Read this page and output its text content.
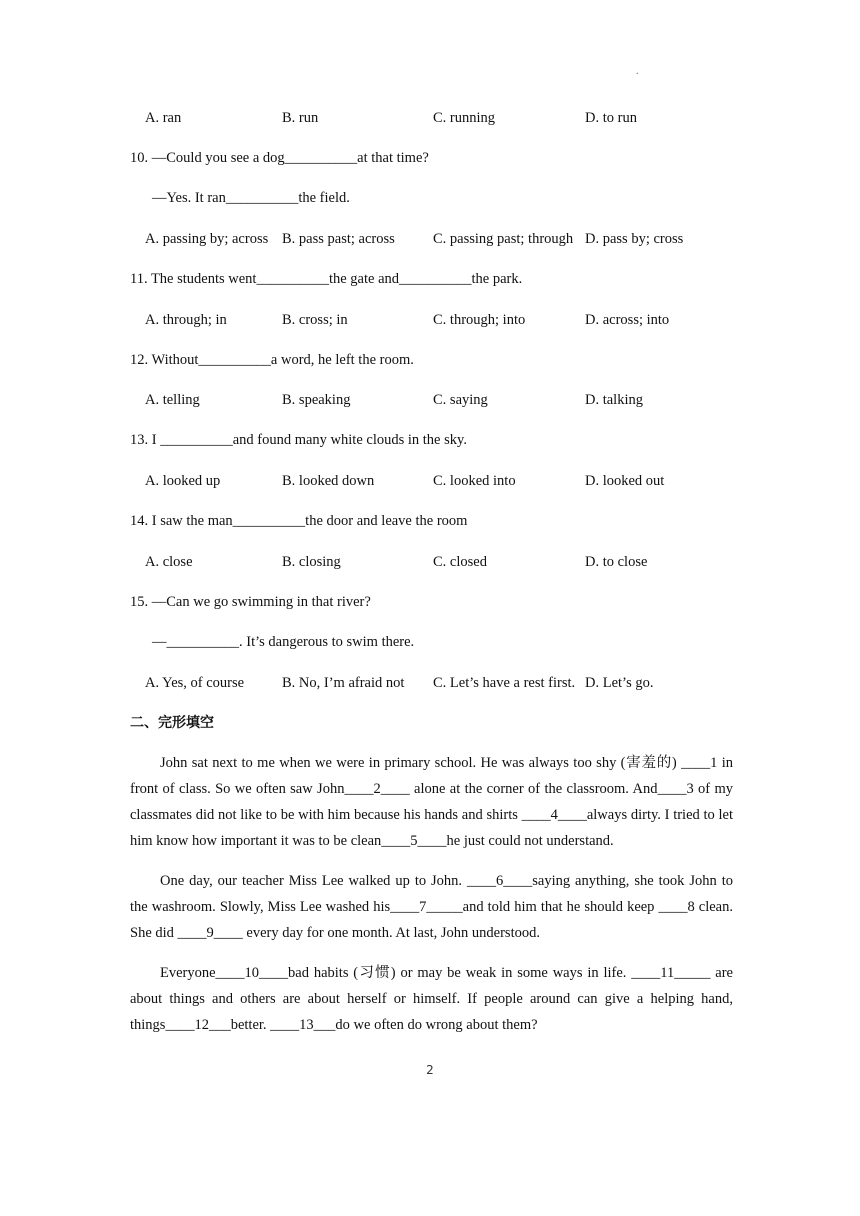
.
A. ran	B. run	C. running	D. to run
10. —Could you see a dog__________at that time?
—Yes. It ran__________the field.
A. passing by; across B. pass past; across	C. passing past; through D. pass by; cross
11. The students went__________the gate and__________the park.
A. through; in	B. cross; in	C. through; into	D. across; into
12. Without__________a word, he left the room.
A. telling	B. speaking	C. saying	D. talking
13. I __________and found many white clouds in the sky.
A. looked up	B. looked down	C. looked into	D. looked out
14. I saw the man__________the door and leave the room
A. close	B. closing	C. closed	D. to close
15. —Can we go swimming in that river?
—__________. It’s dangerous to swim there.
A. Yes, of course	B. No, I’m afraid not C. Let’s have a rest first. D. Let’s go.
二、完形填空
John sat next to me when we were in primary school. He was always too shy (害羞的) ____1 in front of class. So we often saw John____2____ alone at the corner of the classroom. And____3 of my classmates did not like to be with him because his hands and shirts ____4____always dirty. I tried to let him know how important it was to be clean____5____he just could not understand.
One day, our teacher Miss Lee walked up to John. ____6____saying anything, she took John to the washroom. Slowly, Miss Lee washed his____7_____and told him that he should keep ____8 clean. She did ____9____ every day for one month. At last, John understood.
Everyone____10____bad habits (习惯) or may be weak in some ways in life. ____11_____ are about things and others are about herself or himself. If people around can give a helping hand, things____12___better. ____13___do we often do wrong about them?
2
